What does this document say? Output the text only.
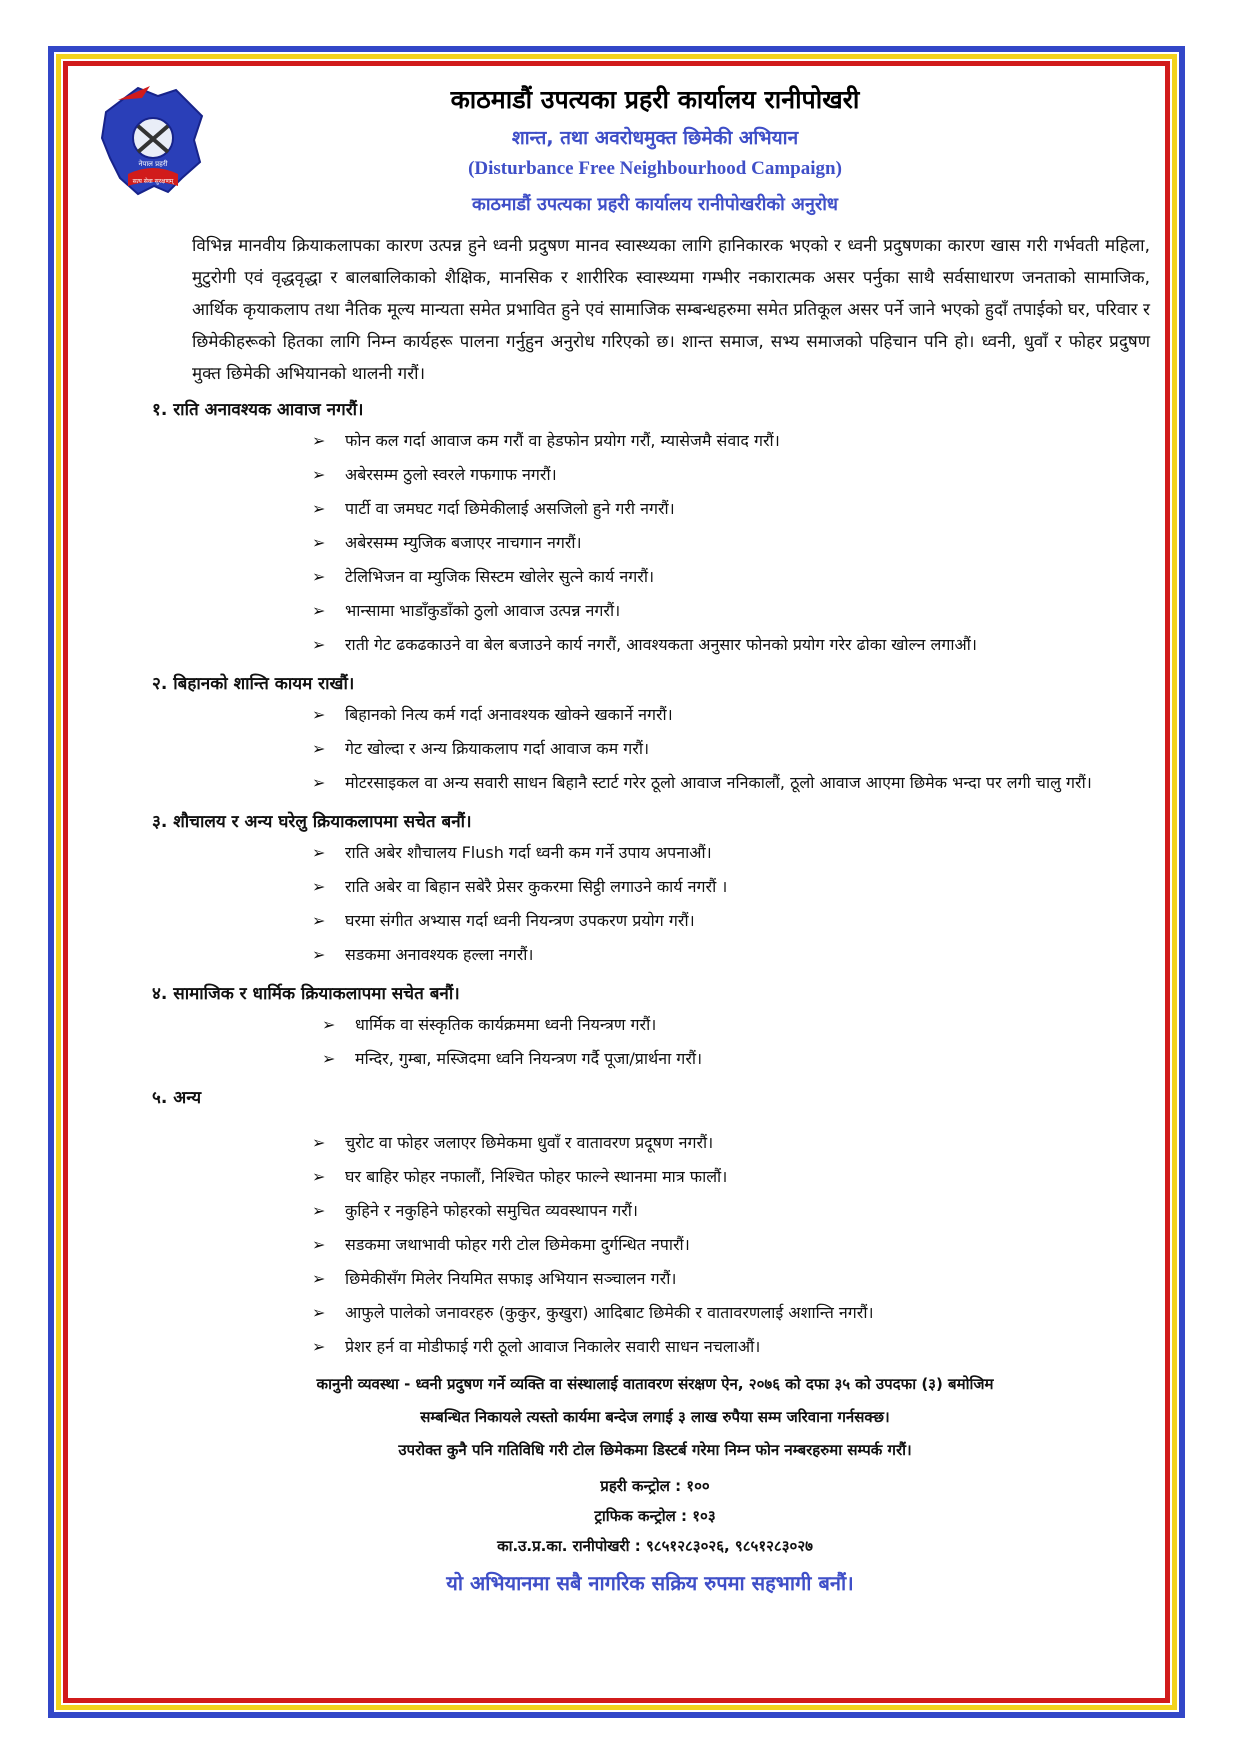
नेपाल प्रहरी
सत्य सेवा सुरक्षणम्
काठमाडौं उपत्यका प्रहरी कार्यालय रानीपोखरी
शान्त, तथा अवरोधमुक्त छिमेकी अभियान
(Disturbance Free Neighbourhood Campaign)
काठमाडौं उपत्यका प्रहरी कार्यालय रानीपोखरीको अनुरोध

विभिन्न मानवीय क्रियाकलापका कारण उत्पन्न हुने ध्वनी प्रदुषण मानव स्वास्थ्यका लागि हानिकारक भएको र ध्वनी प्रदुषणका कारण खास गरी गर्भवती महिला, मुटुरोगी एवं वृद्धवृद्धा र बालबालिकाको शैक्षिक, मानसिक र शारीरिक स्वास्थ्यमा गम्भीर नकारात्मक असर पर्नुका साथै सर्वसाधारण जनताको सामाजिक, आर्थिक कृयाकलाप तथा नैतिक मूल्य मान्यता समेत प्रभावित हुने एवं सामाजिक सम्बन्धहरुमा समेत प्रतिकूल असर पर्ने जाने भएको हुदाँ तपाईको घर, परिवार र छिमेकीहरूको हितका लागि निम्न कार्यहरू पालना गर्नुहुन अनुरोध गरिएको छ। शान्त समाज, सभ्य समाजको पहिचान पनि हो। ध्वनी, धुवाँ र फोहर प्रदुषण मुक्त छिमेकी अभियानको थालनी गरौं।

१. राति अनावश्यक आवाज नगरौं।
➢ फोन कल गर्दा आवाज कम गरौं वा हेडफोन प्रयोग गरौं, म्यासेजमै संवाद गरौं।
➢ अबेरसम्म ठुलो स्वरले गफगाफ नगरौं।
➢ पार्टी वा जमघट गर्दा छिमेकीलाई असजिलो हुने गरी नगरौं।
➢ अबेरसम्म म्युजिक बजाएर नाचगान नगरौं।
➢ टेलिभिजन वा म्युजिक सिस्टम खोलेर सुत्ने कार्य नगरौं।
➢ भान्सामा भाडाँकुडाँको ठुलो आवाज उत्पन्न नगरौं।
➢ राती गेट ढकढकाउने वा बेल बजाउने कार्य नगरौं, आवश्यकता अनुसार फोनको प्रयोग गरेर ढोका खोल्न लगाऔं।
२. बिहानको शान्ति कायम राखौं।
➢ बिहानको नित्य कर्म गर्दा अनावश्यक खोक्ने खकार्ने नगरौं।
➢ गेट खोल्दा र अन्य क्रियाकलाप गर्दा आवाज कम गरौं।
➢ मोटरसाइकल वा अन्य सवारी साधन बिहानै स्टार्ट गरेर ठूलो आवाज ननिकालौं, ठूलो आवाज आएमा छिमेक भन्दा पर लगी चालु गरौं।
३. शौचालय र अन्य घरेलु क्रियाकलापमा सचेत बनौं।
➢ राति अबेर शौचालय Flush गर्दा ध्वनी कम गर्ने उपाय अपनाऔं।
➢ राति अबेर वा बिहान सबेरै प्रेसर कुकरमा सिट्ठी लगाउने कार्य नगरौं ।
➢ घरमा संगीत अभ्यास गर्दा ध्वनी नियन्त्रण उपकरण प्रयोग गरौं।
➢ सडकमा अनावश्यक हल्ला नगरौं।
४. सामाजिक र धार्मिक क्रियाकलापमा सचेत बनौं।
➢ धार्मिक वा संस्कृतिक कार्यक्रममा ध्वनी नियन्त्रण गरौं।
➢ मन्दिर, गुम्बा, मस्जिदमा ध्वनि नियन्त्रण गर्दै पूजा/प्रार्थना गरौं।
५. अन्य
➢ चुरोट वा फोहर जलाएर छिमेकमा धुवाँ र वातावरण प्रदूषण नगरौं।
➢ घर बाहिर फोहर नफालौं, निश्चित फोहर फाल्ने स्थानमा मात्र फालौं।
➢ कुहिने र नकुहिने फोहरको समुचित व्यवस्थापन गरौं।
➢ सडकमा जथाभावी फोहर गरी टोल छिमेकमा दुर्गन्धित नपारौं।
➢ छिमेकीसँग मिलेर नियमित सफाइ अभियान सञ्चालन गरौं।
➢ आफुले पालेको जनावरहरु (कुकुर, कुखुरा) आदिबाट छिमेकी र वातावरणलाई अशान्ति नगरौं।
➢ प्रेशर हर्न वा मोडीफाई गरी ठूलो आवाज निकालेर सवारी साधन नचलाऔं।

कानुनी व्यवस्था - ध्वनी प्रदुषण गर्ने व्यक्ति वा संस्थालाई वातावरण संरक्षण ऐन, २०७६ को दफा ३५ को उपदफा (३) बमोजिम

सम्बन्धित निकायले त्यस्तो कार्यमा बन्देज लगाई ३ लाख रुपैया सम्म जरिवाना गर्नसक्छ।

उपरोक्त कुनै पनि गतिविधि गरी टोल छिमेकमा डिस्टर्ब गरेमा निम्न फोन नम्बरहरुमा सम्पर्क गरौं।

प्रहरी कन्ट्रोल : १००
ट्राफिक कन्ट्रोल : १०३
का.उ.प्र.का. रानीपोखरी : ९८५१२८३०२६, ९८५१२८३०२७
यो अभियानमा सबै नागरिक सक्रिय रुपमा सहभागी बनौं।
